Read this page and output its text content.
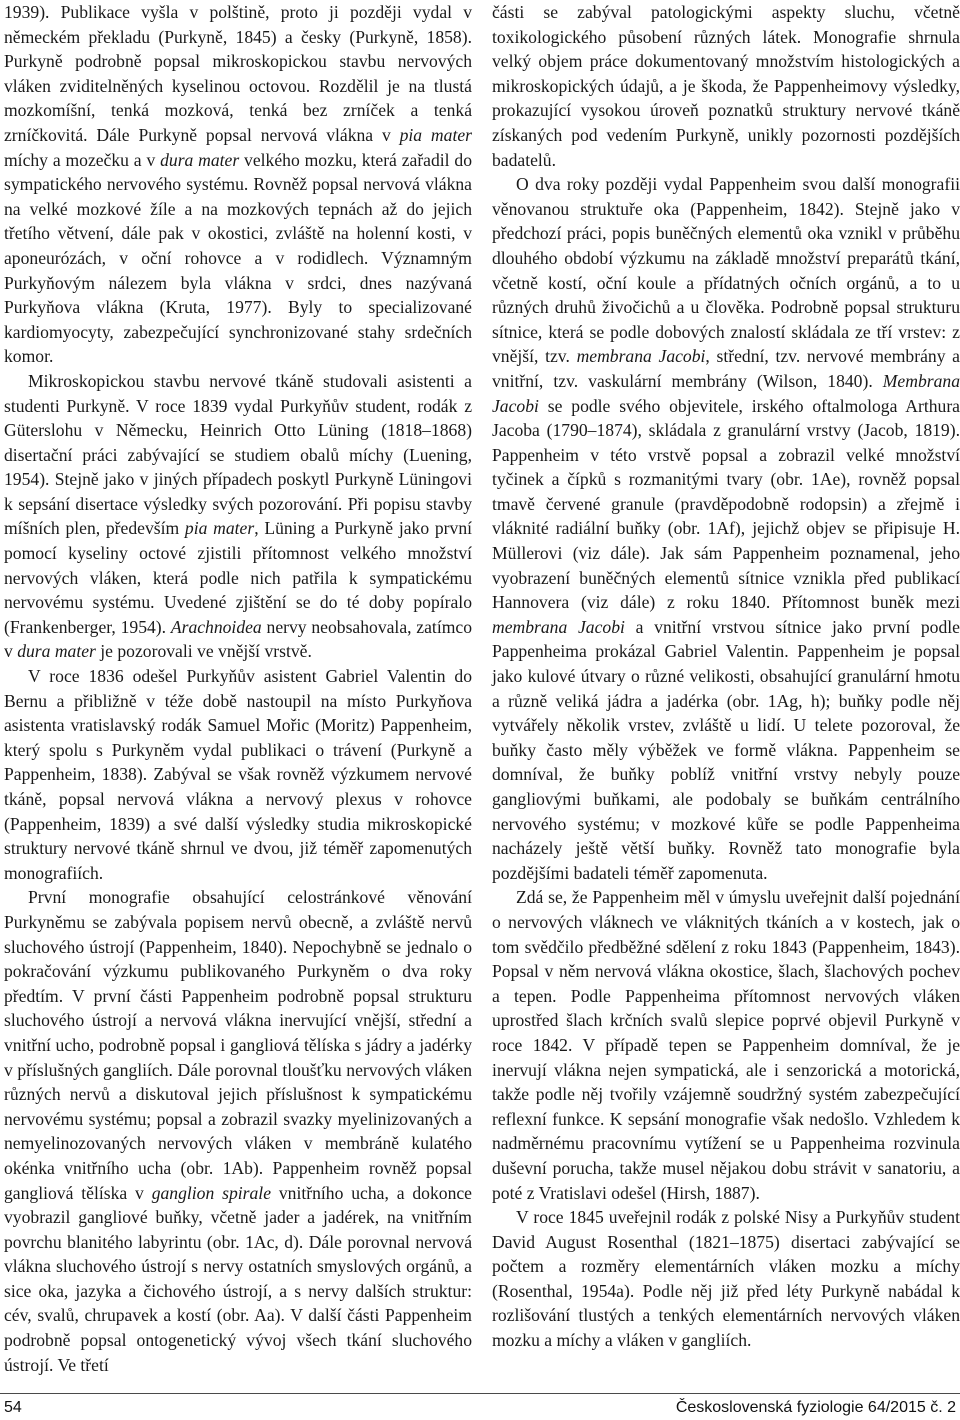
1939). Publikace vyšla v polštině, proto ji později vydal v německém překladu (Purkyně, 1845) a česky (Purkyně, 1858). Purkyně podrobně popsal mikroskopickou stavbu nervových vláken zviditelněných kyselinou octovou. Rozdělil je na tlustá mozkomíšní, tenká mozková, tenká bez zrníček a tenká zrníčkovitá. Dále Purkyně popsal nervová vlákna v pia mater míchy a mozečku a v dura mater velkého mozku, která zařadil do sympatického nervového systému. Rovněž popsal nervová vlákna na velké mozkové žíle a na mozkových tepnách až do jejich třetího větvení, dále pak v okostici, zvláště na holenní kosti, v aponeurózách, v oční rohovce a v rodidlech. Významným Purkyňovým nálezem byla vlákna v srdci, dnes nazývaná Purkyňova vlákna (Kruta, 1977). Byly to specializované kardiomyocyty, zabezpečující synchronizované stahy srdečních komor.

Mikroskopickou stavbu nervové tkáně studovali asistenti a studenti Purkyně. V roce 1839 vydal Purkyňův student, rodák z Güterslohu v Německu, Heinrich Otto Lüning (1818–1868) disertační práci zabývající se studiem obalů míchy (Luening, 1954). Stejně jako v jiných případech poskytl Purkyně Lüningovi k sepsání disertace výsledky svých pozorování. Při popisu stavby míšních plen, především pia mater, Lüning a Purkyně jako první pomocí kyseliny octové zjistili přítomnost velkého množství nervových vláken, která podle nich patřila k sympatickému nervovému systému. Uvedené zjištění se do té doby popíralo (Frankenberger, 1954). Arachnoidea nervy neobsahovala, zatímco v dura mater je pozorovali ve vnější vrstvě.

V roce 1836 odešel Purkyňův asistent Gabriel Valentin do Bernu a přibližně v téže době nastoupil na místo Purkyňova asistenta vratislavský rodák Samuel Mořic (Moritz) Pappenheim, který spolu s Purkyněm vydal publikaci o trávení (Purkyně a Pappenheim, 1838). Zabýval se však rovněž výzkumem nervové tkáně, popsal nervová vlákna a nervový plexus v rohovce (Pappenheim, 1839) a své další výsledky studia mikroskopické struktury nervové tkáně shrnul ve dvou, již téměř zapomenutých monografiích.

První monografie obsahující celostránkové věnování Purkyněmu se zabývala popisem nervů obecně, a zvláště nervů sluchového ústrojí (Pappenheim, 1840). Nepochybně se jednalo o pokračování výzkumu publikovaného Purkyněm o dva roky předtím. V první části Pappenheim podrobně popsal strukturu sluchového ústrojí a nervová vlákna inervující vnější, střední a vnitřní ucho, podrobně popsal i gangliová tělíska s jádry a jadérky v příslušných gangliích. Dále porovnal tloušťku nervových vláken různých nervů a diskutoval jejich příslušnost k sympatickému nervovému systému; popsal a zobrazil svazky myelinizovaných a nemyelinozovaných nervových vláken v membráně kulatého okénka vnitřního ucha (obr. 1Ab). Pappenheim rovněž popsal gangliová tělíska v ganglion spirale vnitřního ucha, a dokonce vyobrazil gangliové buňky, včetně jader a jadérek, na vnitřním povrchu blanitého labyrintu (obr. 1Ac, d). Dále porovnal nervová vlákna sluchového ústrojí s nervy ostatních smyslových orgánů, a sice oka, jazyka a čichového ústrojí, a s nervy dalších struktur: cév, svalů, chrupavek a kostí (obr. Aa). V další části Pappenheim podrobně popsal ontogenetický vývoj všech tkání sluchového ústrojí. Ve třetí

části se zabýval patologickými aspekty sluchu, včetně toxikologického působení různých látek. Monografie shrnula velký objem práce dokumentovaný množstvím histologických a mikroskopických údajů, a je škoda, že Pappenheimovy výsledky, prokazující vysokou úroveň poznatků struktury nervové tkáně získaných pod vedením Purkyně, unikly pozornosti pozdějších badatelů.

O dva roky později vydal Pappenheim svou další monografii věnovanou struktuře oka (Pappenheim, 1842). Stejně jako v předchozí práci, popis buněčných elementů oka vznikl v průběhu dlouhého období výzkumu na základě množství preparátů tkání, včetně kostí, oční koule a přídatných očních orgánů, a to u různých druhů živočichů a u člověka. Podrobně popsal strukturu sítnice, která se podle dobových znalostí skládala ze tří vrstev: z vnější, tzv. membrana Jacobi, střední, tzv. nervové membrány a vnitřní, tzv. vaskulární membrány (Wilson, 1840). Membrana Jacobi se podle svého objevitele, irského oftalmologa Arthura Jacoba (1790–1874), skládala z granulární vrstvy (Jacob, 1819). Pappenheim v této vrstvě popsal a zobrazil velké množství tyčinek a čípků s rozmanitými tvary (obr. 1Ae), rovněž popsal tmavě červené granule (pravděpodobně rodopsin) a zřejmě i vláknité radiální buňky (obr. 1Af), jejichž objev se připisuje H. Müllerovi (viz dále). Jak sám Pappenheim poznamenal, jeho vyobrazení buněčných elementů sítnice vznikla před publikací Hannovera (viz dále) z roku 1840. Přítomnost buněk mezi membrana Jacobi a vnitřní vrstvou sítnice jako první podle Pappenheima prokázal Gabriel Valentin. Pappenheim je popsal jako kulové útvary o různé velikosti, obsahující granulární hmotu a různě veliká jádra a jadérka (obr. 1Ag, h); buňky podle něj vytvářely několik vrstev, zvláště u lidí. U telete pozoroval, že buňky často měly výběžek ve formě vlákna. Pappenheim se domníval, že buňky poblíž vnitřní vrstvy nebyly pouze gangliovými buňkami, ale podobaly se buňkám centrálního nervového systému; v mozkové kůře se podle Pappenheima nacházely ještě větší buňky. Rovněž tato monografie byla pozdějšími badateli téměř zapomenuta.

Zdá se, že Pappenheim měl v úmyslu uveřejnit další pojednání o nervových vláknech ve vláknitých tkáních a v kostech, jak o tom svědčilo předběžné sdělení z roku 1843 (Pappenheim, 1843). Popsal v něm nervová vlákna okostice, šlach, šlachových pochev a tepen. Podle Pappenheima přítomnost nervových vláken uprostřed šlach krčních svalů slepice poprvé objevil Purkyně v roce 1842. V případě tepen se Pappenheim domníval, že je inervují vlákna nejen sympatická, ale i senzorická a motorická, takže podle něj tvořily vzájemně soudržný systém zabezpečující reflexní funkce. K sepsání monografie však nedošlo. Vzhledem k nadměrnému pracovnímu vytížení se u Pappenheima rozvinula duševní porucha, takže musel nějakou dobu strávit v sanatoriu, a poté z Vratislavi odešel (Hirsh, 1887).

V roce 1845 uveřejnil rodák z polské Nisy a Purkyňův student David August Rosenthal (1821–1875) disertaci zabývající se počtem a rozměry elementárních vláken mozku a míchy (Rosenthal, 1954a). Podle něj již před léty Purkyně nabádal k rozlišování tlustých a tenkých elementárních nervových vláken mozku a míchy a vláken v gangliích.

54	Československá fyziologie 64/2015 č. 2
